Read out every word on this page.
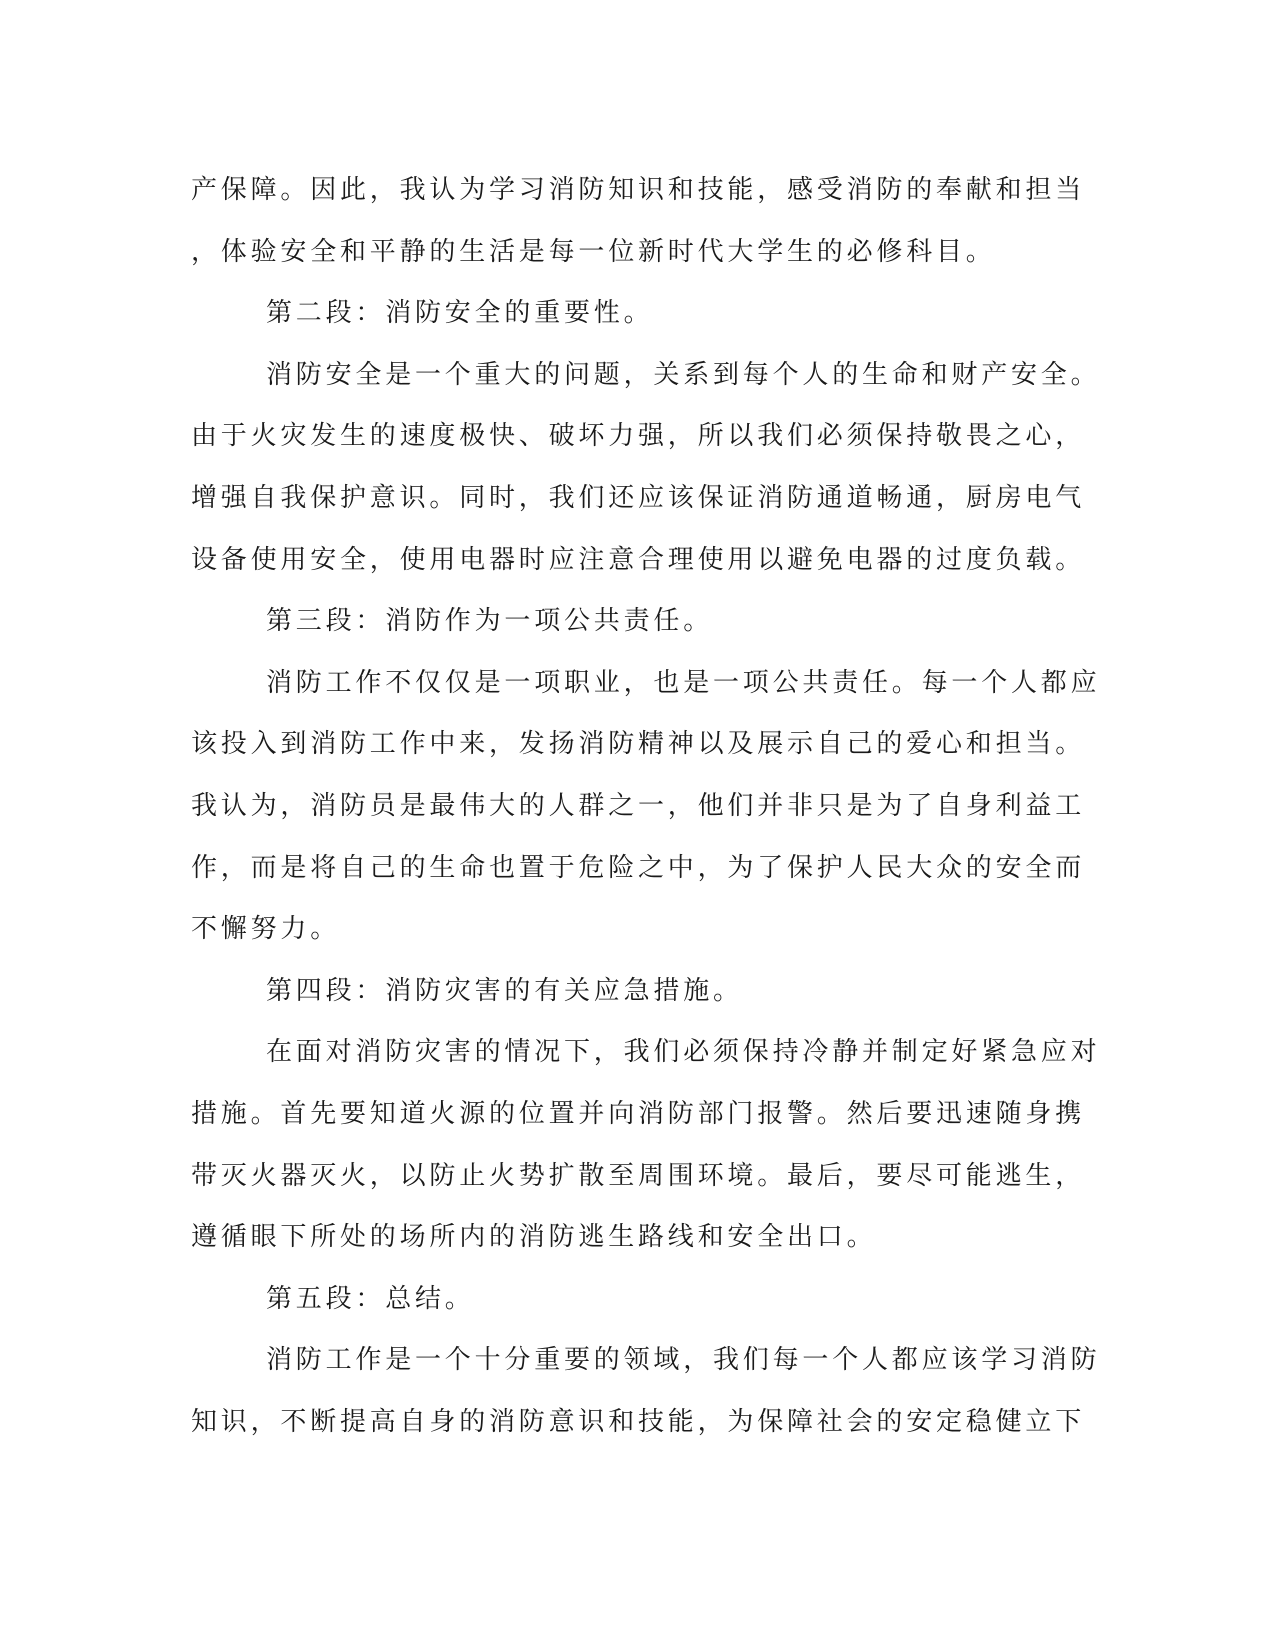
产保障。因此，我认为学习消防知识和技能，感受消防的奉献和担当
，体验安全和平静的生活是每一位新时代大学生的必修科目。
第二段：消防安全的重要性。
消防安全是一个重大的问题，关系到每个人的生命和财产安全。
由于火灾发生的速度极快、破坏力强，所以我们必须保持敬畏之心，
增强自我保护意识。同时，我们还应该保证消防通道畅通，厨房电气
设备使用安全，使用电器时应注意合理使用以避免电器的过度负载。
第三段：消防作为一项公共责任。
消防工作不仅仅是一项职业，也是一项公共责任。每一个人都应
该投入到消防工作中来，发扬消防精神以及展示自己的爱心和担当。
我认为，消防员是最伟大的人群之一，他们并非只是为了自身利益工
作，而是将自己的生命也置于危险之中，为了保护人民大众的安全而
不懈努力。
第四段：消防灾害的有关应急措施。
在面对消防灾害的情况下，我们必须保持冷静并制定好紧急应对
措施。首先要知道火源的位置并向消防部门报警。然后要迅速随身携
带灭火器灭火，以防止火势扩散至周围环境。最后，要尽可能逃生，
遵循眼下所处的场所内的消防逃生路线和安全出口。
第五段：总结。
消防工作是一个十分重要的领域，我们每一个人都应该学习消防
知识，不断提高自身的消防意识和技能，为保障社会的安定稳健立下
